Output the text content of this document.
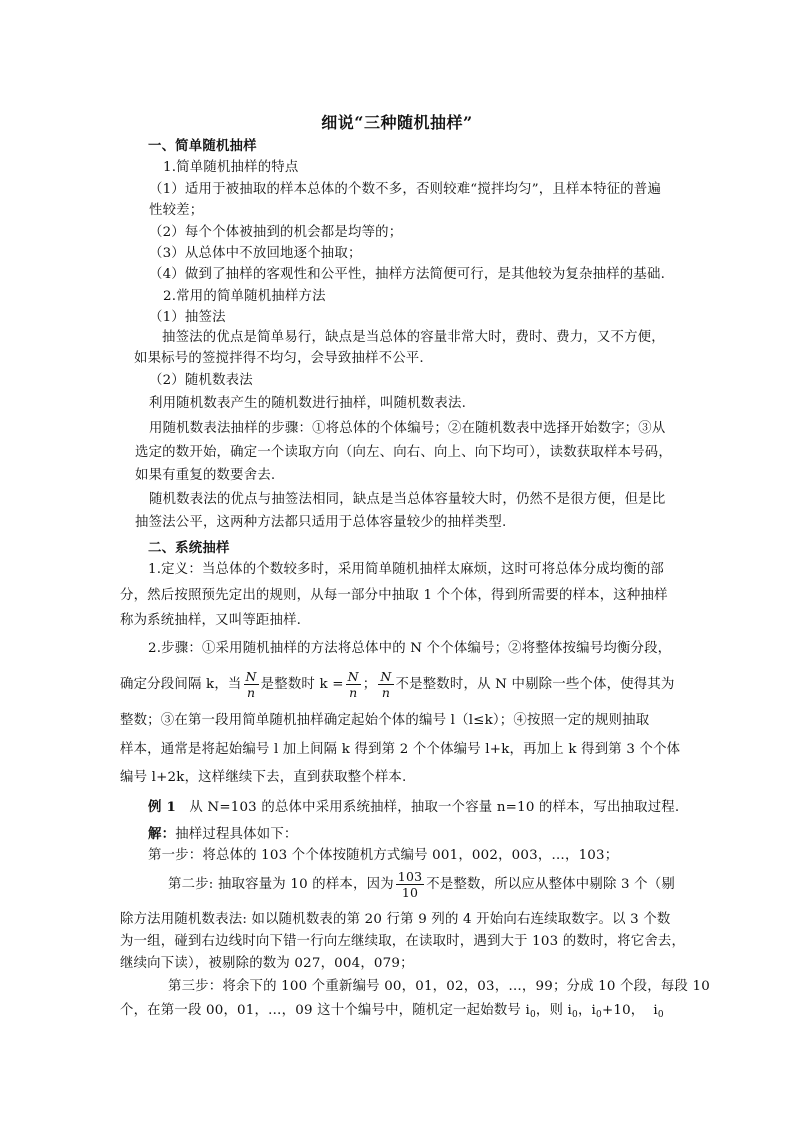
细说“三种随机抽样”
一、简单随机抽样
1.简单随机抽样的特点
（1）适用于被抽取的样本总体的个数不多，否则较难“搅拌均匀”，且样本特征的普遍
性较差；
（2）每个个体被抽到的机会都是均等的；
（3）从总体中不放回地逐个抽取；
（4）做到了抽样的客观性和公平性，抽样方法简便可行，是其他较为复杂抽样的基础.
2.常用的简单随机抽样方法
（1）抽签法
抽签法的优点是简单易行，缺点是当总体的容量非常大时，费时、费力，又不方便，
如果标号的签搅拌得不均匀，会导致抽样不公平.
（2）随机数表法
利用随机数表产生的随机数进行抽样，叫随机数表法.
用随机数表法抽样的步骤：①将总体的个体编号；②在随机数表中选择开始数字；③从
选定的数开始，确定一个读取方向（向左、向右、向上、向下均可），读数获取样本号码，
如果有重复的数要舍去.
随机数表法的优点与抽签法相同，缺点是当总体容量较大时，仍然不是很方便，但是比
抽签法公平，这两种方法都只适用于总体容量较少的抽样类型.
二、系统抽样
1.定义：当总体的个数较多时，采用简单随机抽样太麻烦，这时可将总体分成均衡的部
分，然后按照预先定出的规则，从每一部分中抽取 1 个个体，得到所需要的样本，这种抽样
称为系统抽样，又叫等距抽样.
2.步骤：①采用随机抽样的方法将总体中的 N 个个体编号；②将整体按编号均衡分段，
确定分段间隔 k，当 $\frac{N}{n}$ 是整数时 $k = \frac{N}{n}$ ； $\frac{N}{n}$ 不是整数时，从 N 中剔除一些个体，使得其为
整数；③在第一段用简单随机抽样确定起始个体的编号 l（l≤k）；④按照一定的规则抽取
样本，通常是将起始编号 l 加上间隔 k 得到第 2 个个体编号 l+k，再加上 k 得到第 3 个个体
编号 l+2k，这样继续下去，直到获取整个样本.
例 1 从 N=103 的总体中采用系统抽样，抽取一个容量 n=10 的样本，写出抽取过程.
解：抽样过程具体如下：
第一步：将总体的 103 个个体按随机方式编号 001，002，003，…，103；
第二步: 抽取容量为 10 的样本，因为 $\frac{103}{10}$ 不是整数，所以应从整体中剔除 3 个（剔
除方法用随机数表法: 如以随机数表的第 20 行第 9 列的 4 开始向右连续取数字。以 3 个数
为一组，碰到右边线时向下错一行向左继续取，在读取时，遇到大于 103 的数时，将它舍去，
继续向下读），被剔除的数为 027，004，079；
第三步：将余下的 100 个重新编号 00，01，02，03，…，99；分成 10 个段，每段 10
个，在第一段 00，01，…，09 这十个编号中，随机定一起始数号 $i_0$，则 $i_0$，$i_0+10$， $i_0$
